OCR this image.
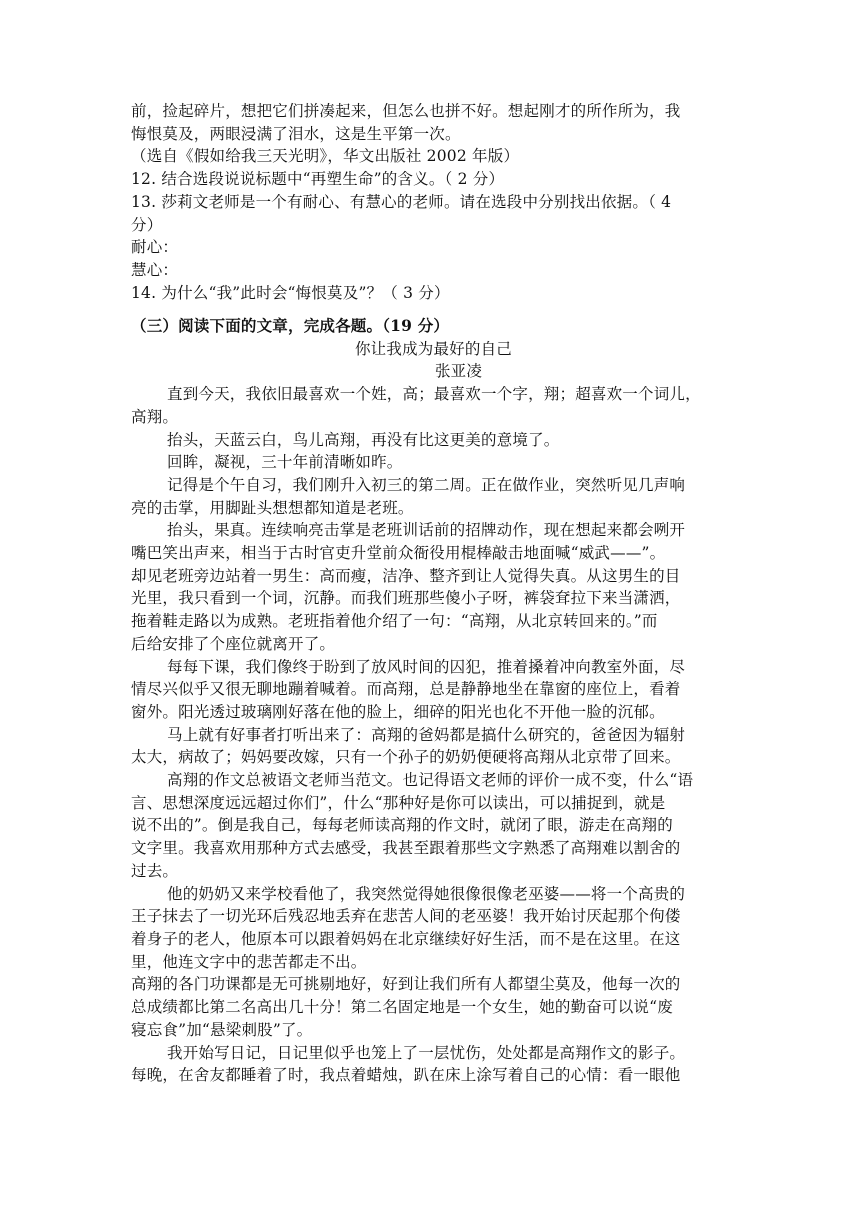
前，捡起碎片，想把它们拼凑起来，但怎么也拼不好。想起刚才的所作所为，我
悔恨莫及，两眼浸满了泪水，这是生平第一次。
（选自《假如给我三天光明》，华文出版社 2002 年版）
12. 结合选段说说标题中“再塑生命”的含义。（ 2 分）
13. 莎莉文老师是一个有耐心、有慧心的老师。请在选段中分别找出依据。（ 4
分）
耐心：
慧心：
14. 为什么“我”此时会“悔恨莫及”？（ 3 分）
（三）阅读下面的文章，完成各题。（19 分）
你让我成为最好的自己
张亚凌
直到今天，我依旧最喜欢一个姓，高；最喜欢一个字，翔；超喜欢一个词儿，
高翔。
抬头，天蓝云白，鸟儿高翔，再没有比这更美的意境了。
回眸，凝视，三十年前清晰如昨。
记得是个午自习，我们刚升入初三的第二周。正在做作业，突然听见几声响
亮的击掌，用脚趾头想想都知道是老班。
抬头，果真。连续响亮击掌是老班训话前的招牌动作，现在想起来都会咧开
嘴巴笑出声来，相当于古时官吏升堂前众衙役用棍棒敲击地面喊“威武——”。
却见老班旁边站着一男生：高而瘦，洁净、整齐到让人觉得失真。从这男生的目
光里，我只看到一个词，沉静。而我们班那些傻小子呀，裤袋耷拉下来当潇洒，
拖着鞋走路以为成熟。老班指着他介绍了一句：“高翔，从北京转回来的。”而
后给安排了个座位就离开了。
每每下课，我们像终于盼到了放风时间的囚犯，推着搡着冲向教室外面，尽
情尽兴似乎又很无聊地蹦着喊着。而高翔，总是静静地坐在靠窗的座位上，看着
窗外。阳光透过玻璃刚好落在他的脸上，细碎的阳光也化不开他一脸的沉郁。
马上就有好事者打听出来了：高翔的爸妈都是搞什么研究的，爸爸因为辐射
太大，病故了；妈妈要改嫁，只有一个孙子的奶奶便硬将高翔从北京带了回来。
高翔的作文总被语文老师当范文。也记得语文老师的评价一成不变，什么“语
言、思想深度远远超过你们”，什么“那种好是你可以读出，可以捕捉到，就是
说不出的”。倒是我自己，每每老师读高翔的作文时，就闭了眼，游走在高翔的
文字里。我喜欢用那种方式去感受，我甚至跟着那些文字熟悉了高翔难以割舍的
过去。
他的奶奶又来学校看他了，我突然觉得她很像很像老巫婆——将一个高贵的
王子抹去了一切光环后残忍地丢弃在悲苦人间的老巫婆！我开始讨厌起那个佝偻
着身子的老人，他原本可以跟着妈妈在北京继续好好生活，而不是在这里。在这
里，他连文字中的悲苦都走不出。
高翔的各门功课都是无可挑剔地好，好到让我们所有人都望尘莫及，他每一次的
总成绩都比第二名高出几十分！第二名固定地是一个女生，她的勤奋可以说“废
寝忘食”加“悬梁刺股”了。
我开始写日记，日记里似乎也笼上了一层忧伤，处处都是高翔作文的影子。
每晚，在舍友都睡着了时，我点着蜡烛，趴在床上涂写着自己的心情：看一眼他
